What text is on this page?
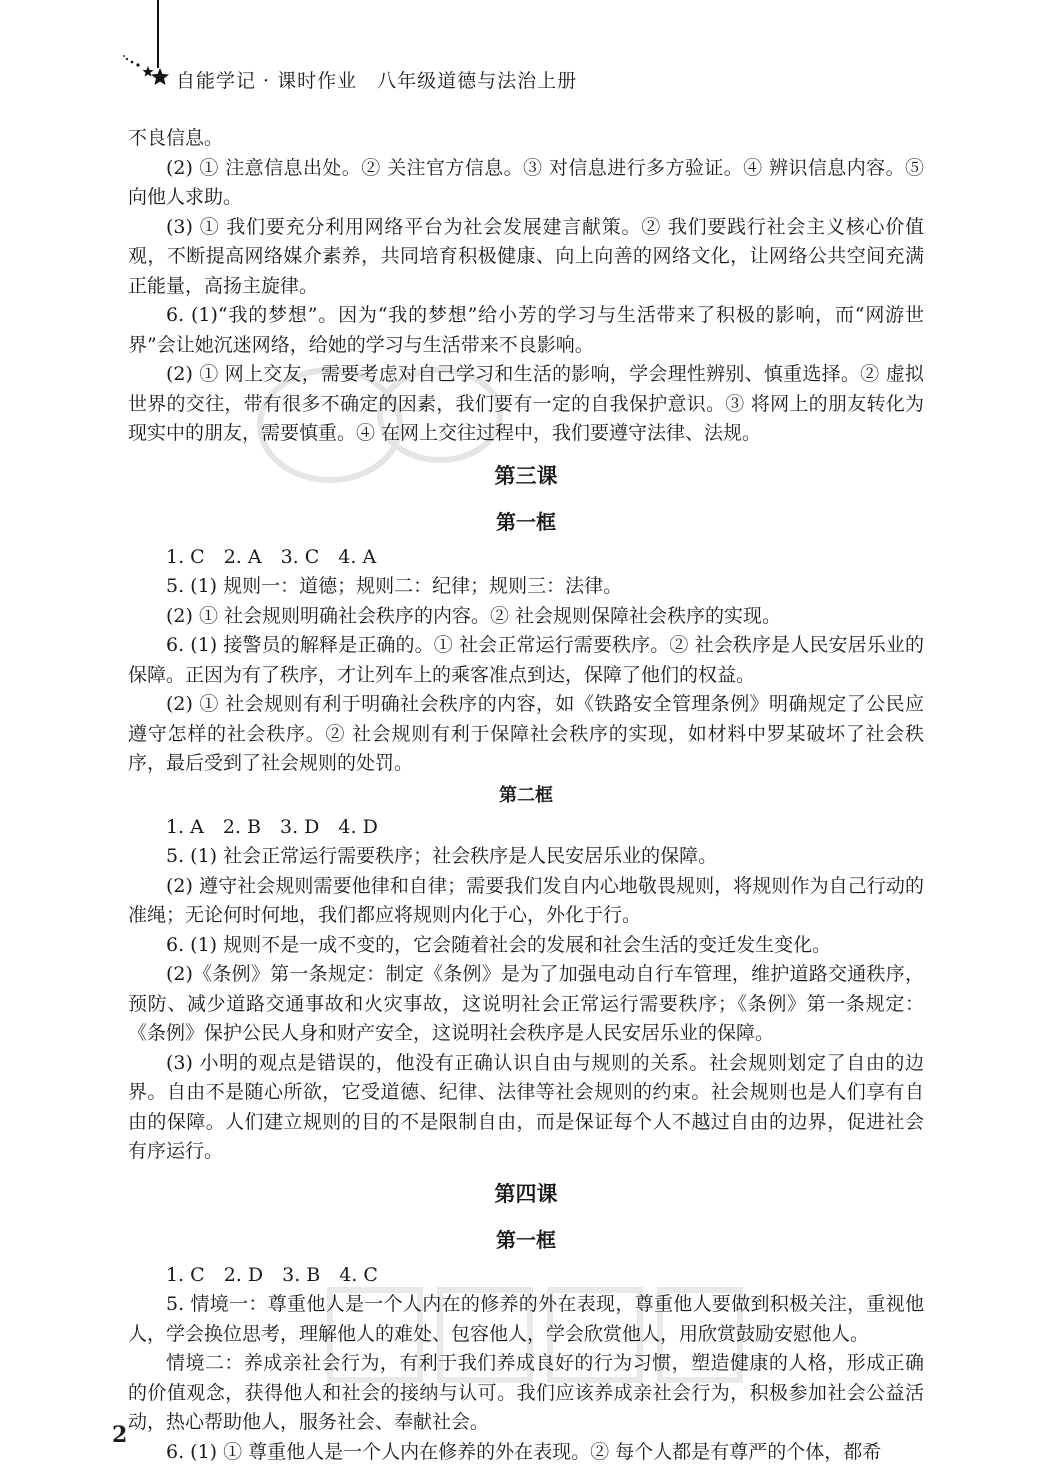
自能学记 · 课时作业　八年级道德与法治上册

不良信息。

(2) ① 注意信息出处。② 关注官方信息。③ 对信息进行多方验证。④ 辨识信息内容。⑤ 向他人求助。

(3) ① 我们要充分利用网络平台为社会发展建言献策。② 我们要践行社会主义核心价值观，不断提高网络媒介素养，共同培育积极健康、向上向善的网络文化，让网络公共空间充满正能量，高扬主旋律。

6. (1)“我的梦想”。因为“我的梦想”给小芳的学习与生活带来了积极的影响，而“网游世界”会让她沉迷网络，给她的学习与生活带来不良影响。

(2) ① 网上交友，需要考虑对自己学习和生活的影响，学会理性辨别、慎重选择。② 虚拟世界的交往，带有很多不确定的因素，我们要有一定的自我保护意识。③ 将网上的朋友转化为现实中的朋友，需要慎重。④ 在网上交往过程中，我们要遵守法律、法规。

第三课
第一框

1. C　2. A　3. C　4. A

5. (1) 规则一：道德；规则二：纪律；规则三：法律。

(2) ① 社会规则明确社会秩序的内容。② 社会规则保障社会秩序的实现。

6. (1) 接警员的解释是正确的。① 社会正常运行需要秩序。② 社会秩序是人民安居乐业的保障。正因为有了秩序，才让列车上的乘客准点到达，保障了他们的权益。

(2) ① 社会规则有利于明确社会秩序的内容，如《铁路安全管理条例》明确规定了公民应遵守怎样的社会秩序。② 社会规则有利于保障社会秩序的实现，如材料中罗某破坏了社会秩序，最后受到了社会规则的处罚。

第二框

1. A　2. B　3. D　4. D

5. (1) 社会正常运行需要秩序；社会秩序是人民安居乐业的保障。

(2) 遵守社会规则需要他律和自律；需要我们发自内心地敬畏规则，将规则作为自己行动的准绳；无论何时何地，我们都应将规则内化于心，外化于行。

6. (1) 规则不是一成不变的，它会随着社会的发展和社会生活的变迁发生变化。

(2)《条例》第一条规定：制定《条例》是为了加强电动自行车管理，维护道路交通秩序，预防、减少道路交通事故和火灾事故，这说明社会正常运行需要秩序；《条例》第一条规定：《条例》保护公民人身和财产安全，这说明社会秩序是人民安居乐业的保障。

(3) 小明的观点是错误的，他没有正确认识自由与规则的关系。社会规则划定了自由的边界。自由不是随心所欲，它受道德、纪律、法律等社会规则的约束。社会规则也是人们享有自由的保障。人们建立规则的目的不是限制自由，而是保证每个人不越过自由的边界，促进社会有序运行。

第四课
第一框

1. C　2. D　3. B　4. C

5. 情境一：尊重他人是一个人内在的修养的外在表现，尊重他人要做到积极关注，重视他人，学会换位思考，理解他人的难处、包容他人，学会欣赏他人，用欣赏鼓励安慰他人。

情境二：养成亲社会行为，有利于我们养成良好的行为习惯，塑造健康的人格，形成正确的价值观念，获得他人和社会的接纳与认可。我们应该养成亲社会行为，积极参加社会公益活动，热心帮助他人，服务社会、奉献社会。

6. (1) ① 尊重他人是一个人内在修养的外在表现。② 每个人都是有尊严的个体，都希

2
